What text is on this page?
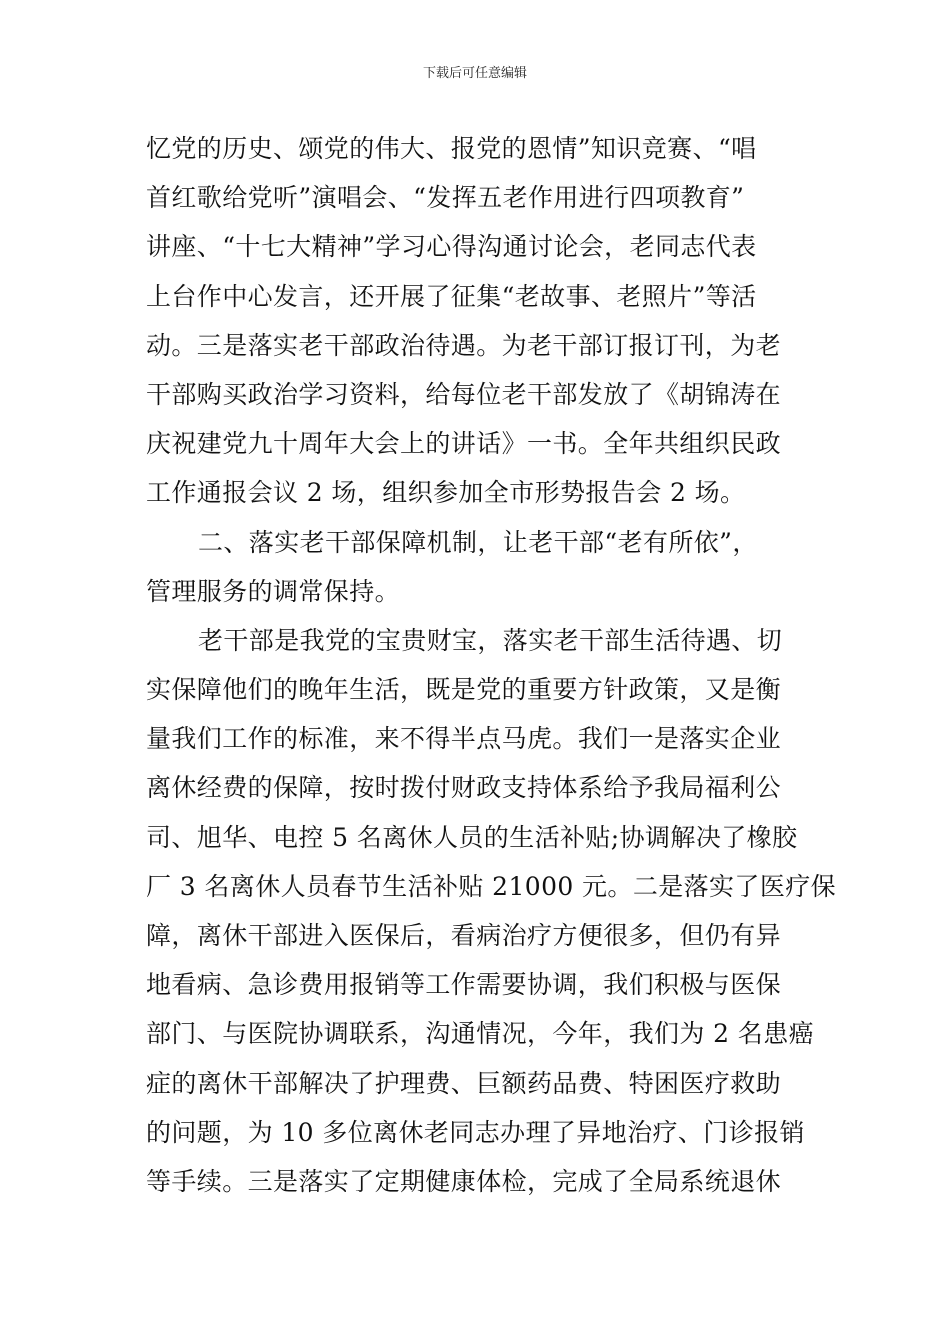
下载后可任意编辑
忆党的历史、颂党的伟大、报党的恩情”知识竞赛、“唱
首红歌给党听”演唱会、“发挥五老作用进行四项教育”
讲座、“十七大精神”学习心得沟通讨论会，老同志代表
上台作中心发言，还开展了征集“老故事、老照片”等活
动。三是落实老干部政治待遇。为老干部订报订刊，为老
干部购买政治学习资料，给每位老干部发放了《胡锦涛在
庆祝建党九十周年大会上的讲话》一书。全年共组织民政
工作通报会议 2 场，组织参加全市形势报告会 2 场。
二、落实老干部保障机制，让老干部“老有所依”，
管理服务的调常保持。
老干部是我党的宝贵财宝，落实老干部生活待遇、切
实保障他们的晚年生活，既是党的重要方针政策，又是衡
量我们工作的标准，来不得半点马虎。我们一是落实企业
离休经费的保障，按时拨付财政支持体系给予我局福利公
司、旭华、电控 5 名离休人员的生活补贴;协调解决了橡胶
厂 3 名离休人员春节生活补贴 21000 元。二是落实了医疗保
障，离休干部进入医保后，看病治疗方便很多，但仍有异
地看病、急诊费用报销等工作需要协调，我们积极与医保
部门、与医院协调联系，沟通情况，今年，我们为 2 名患癌
症的离休干部解决了护理费、巨额药品费、特困医疗救助
的问题，为 10 多位离休老同志办理了异地治疗、门诊报销
等手续。三是落实了定期健康体检，完成了全局系统退休
